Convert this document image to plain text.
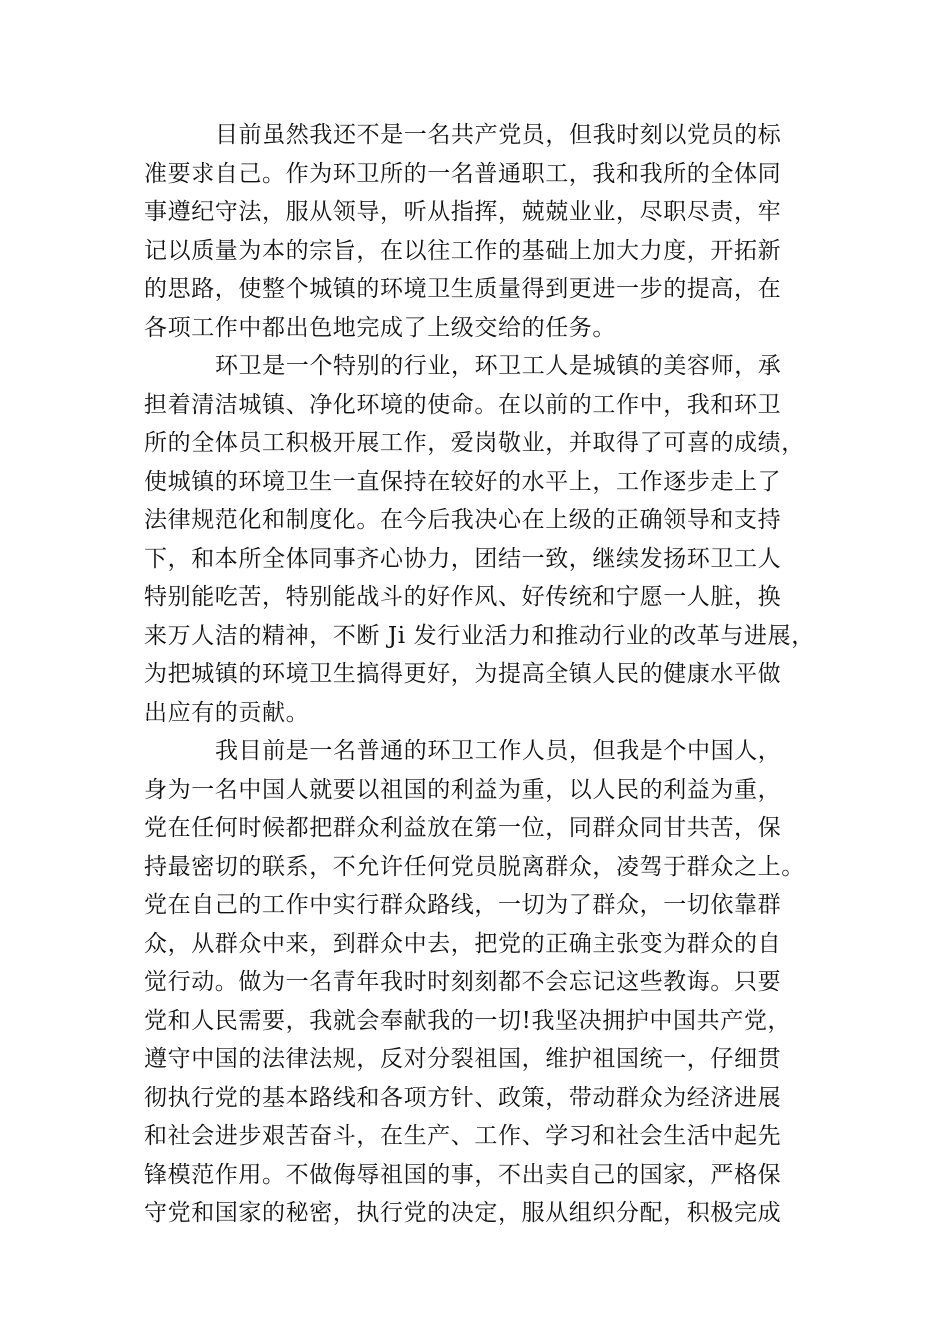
目前虽然我还不是一名共产党员，但我时刻以党员的标
准要求自己。作为环卫所的一名普通职工，我和我所的全体同
事遵纪守法，服从领导，听从指挥，兢兢业业，尽职尽责，牢
记以质量为本的宗旨，在以往工作的基础上加大力度，开拓新
的思路，使整个城镇的环境卫生质量得到更进一步的提高，在
各项工作中都出色地完成了上级交给的任务。
环卫是一个特别的行业，环卫工人是城镇的美容师，承
担着清洁城镇、净化环境的使命。在以前的工作中，我和环卫
所的全体员工积极开展工作，爱岗敬业，并取得了可喜的成绩，
使城镇的环境卫生一直保持在较好的水平上，工作逐步走上了
法律规范化和制度化。在今后我决心在上级的正确领导和支持
下，和本所全体同事齐心协力，团结一致，继续发扬环卫工人
特别能吃苦，特别能战斗的好作风、好传统和宁愿一人脏，换
来万人洁的精神，不断 Ji 发行业活力和推动行业的改革与进展，
为把城镇的环境卫生搞得更好，为提高全镇人民的健康水平做
出应有的贡献。
我目前是一名普通的环卫工作人员，但我是个中国人，
身为一名中国人就要以祖国的利益为重，以人民的利益为重，
党在任何时候都把群众利益放在第一位，同群众同甘共苦，保
持最密切的联系，不允许任何党员脱离群众，凌驾于群众之上。
党在自己的工作中实行群众路线，一切为了群众，一切依靠群
众，从群众中来，到群众中去，把党的正确主张变为群众的自
觉行动。做为一名青年我时时刻刻都不会忘记这些教诲。只要
党和人民需要，我就会奉献我的一切!我坚决拥护中国共产党，
遵守中国的法律法规，反对分裂祖国，维护祖国统一，仔细贯
彻执行党的基本路线和各项方针、政策，带动群众为经济进展
和社会进步艰苦奋斗，在生产、工作、学习和社会生活中起先
锋模范作用。不做侮辱祖国的事，不出卖自己的国家，严格保
守党和国家的秘密，执行党的决定，服从组织分配，积极完成
